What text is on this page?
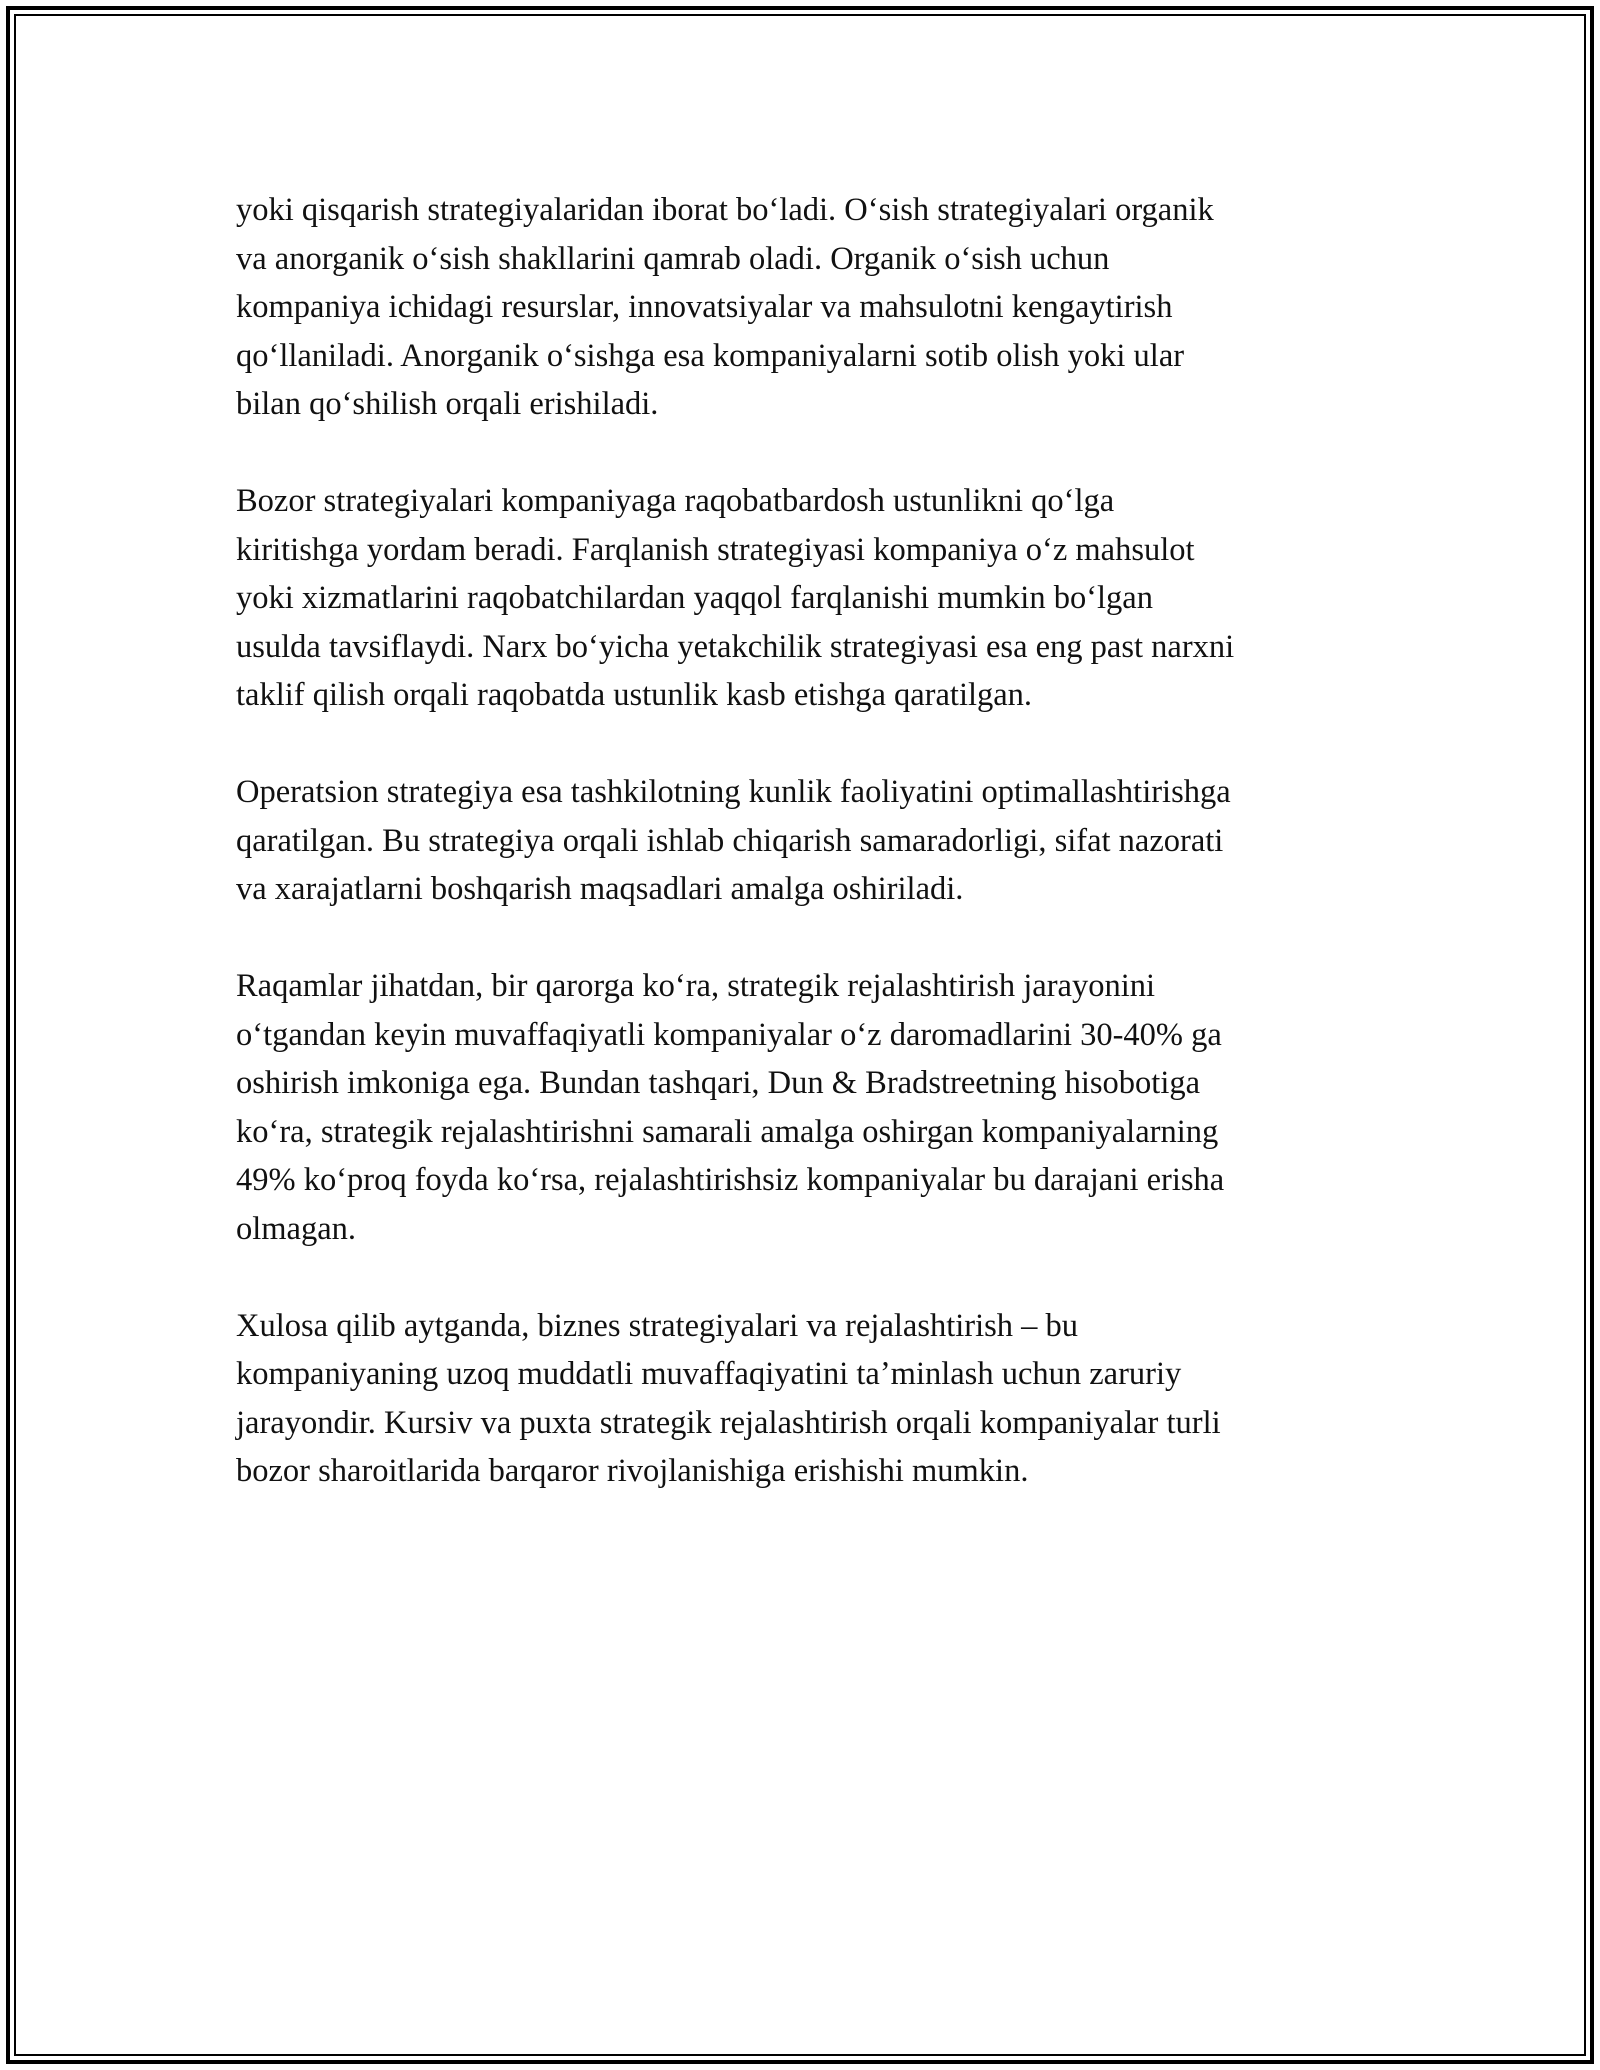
yoki qisqarish strategiyalaridan iborat boʻladi. Oʻsish strategiyalari organik
va anorganik oʻsish shakllarini qamrab oladi. Organik oʻsish uchun
kompaniya ichidagi resurslar, innovatsiyalar va mahsulotni kengaytirish
qoʻllaniladi. Anorganik oʻsishga esa kompaniyalarni sotib olish yoki ular
bilan qoʻshilish orqali erishiladi.

Bozor strategiyalari kompaniyaga raqobatbardosh ustunlikni qoʻlga
kiritishga yordam beradi. Farqlanish strategiyasi kompaniya oʻz mahsulot
yoki xizmatlarini raqobatchilardan yaqqol farqlanishi mumkin boʻlgan
usulda tavsiflaydi. Narx boʻyicha yetakchilik strategiyasi esa eng past narxni
taklif qilish orqali raqobatda ustunlik kasb etishga qaratilgan.

Operatsion strategiya esa tashkilotning kunlik faoliyatini optimallashtirishga
qaratilgan. Bu strategiya orqali ishlab chiqarish samaradorligi, sifat nazorati
va xarajatlarni boshqarish maqsadlari amalga oshiriladi.

Raqamlar jihatdan, bir qarorga koʻra, strategik rejalashtirish jarayonini
oʻtgandan keyin muvaffaqiyatli kompaniyalar oʻz daromadlarini 30-40% ga
oshirish imkoniga ega. Bundan tashqari, Dun & Bradstreetning hisobotiga
koʻra, strategik rejalashtirishni samarali amalga oshirgan kompaniyalarning
49% koʻproq foyda koʻrsa, rejalashtirishsiz kompaniyalar bu darajani erisha
olmagan.

Xulosa qilib aytganda, biznes strategiyalari va rejalashtirish – bu
kompaniyaning uzoq muddatli muvaffaqiyatini taʼminlash uchun zaruriy
jarayondir. Kursiv va puxta strategik rejalashtirish orqali kompaniyalar turli
bozor sharoitlarida barqaror rivojlanishiga erishishi mumkin.
